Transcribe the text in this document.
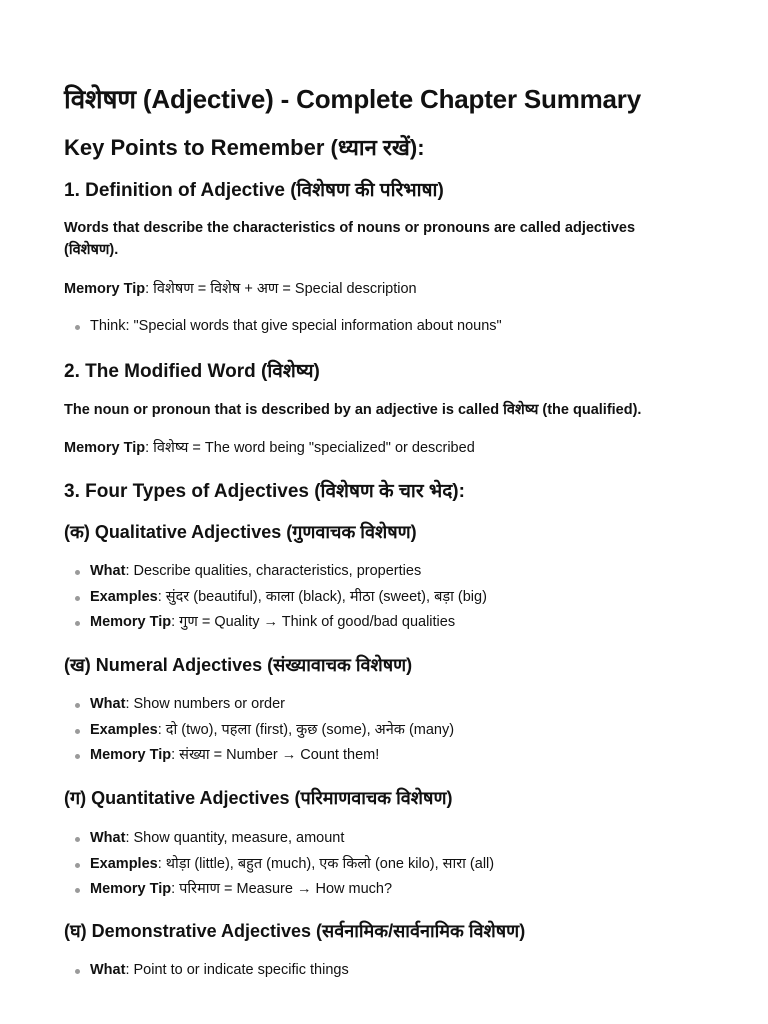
विशेषण (Adjective) - Complete Chapter Summary
Key Points to Remember (ध्यान रखें):
1. Definition of Adjective (विशेषण की परिभाषा)

Words that describe the characteristics of nouns or pronouns are called adjectives (विशेषण).

Memory Tip: विशेषण = विशेष + अण = Special description

Think: "Special words that give special information about nouns"
2. The Modified Word (विशेष्य)

The noun or pronoun that is described by an adjective is called विशेष्य (the qualified).

Memory Tip: विशेष्य = The word being "specialized" or described

3. Four Types of Adjectives (विशेषण के चार भेद):
(क) Qualitative Adjectives (गुणवाचक विशेषण)
What: Describe qualities, characteristics, properties
Examples: सुंदर (beautiful), काला (black), मीठा (sweet), बड़ा (big)
Memory Tip: गुण = Quality → Think of good/bad qualities
(ख) Numeral Adjectives (संख्यावाचक विशेषण)
What: Show numbers or order
Examples: दो (two), पहला (first), कुछ (some), अनेक (many)
Memory Tip: संख्या = Number → Count them!
(ग) Quantitative Adjectives (परिमाणवाचक विशेषण)
What: Show quantity, measure, amount
Examples: थोड़ा (little), बहुत (much), एक किलो (one kilo), सारा (all)
Memory Tip: परिमाण = Measure → How much?
(घ) Demonstrative Adjectives (सर्वनामिक/सार्वनामिक विशेषण)
What: Point to or indicate specific things
